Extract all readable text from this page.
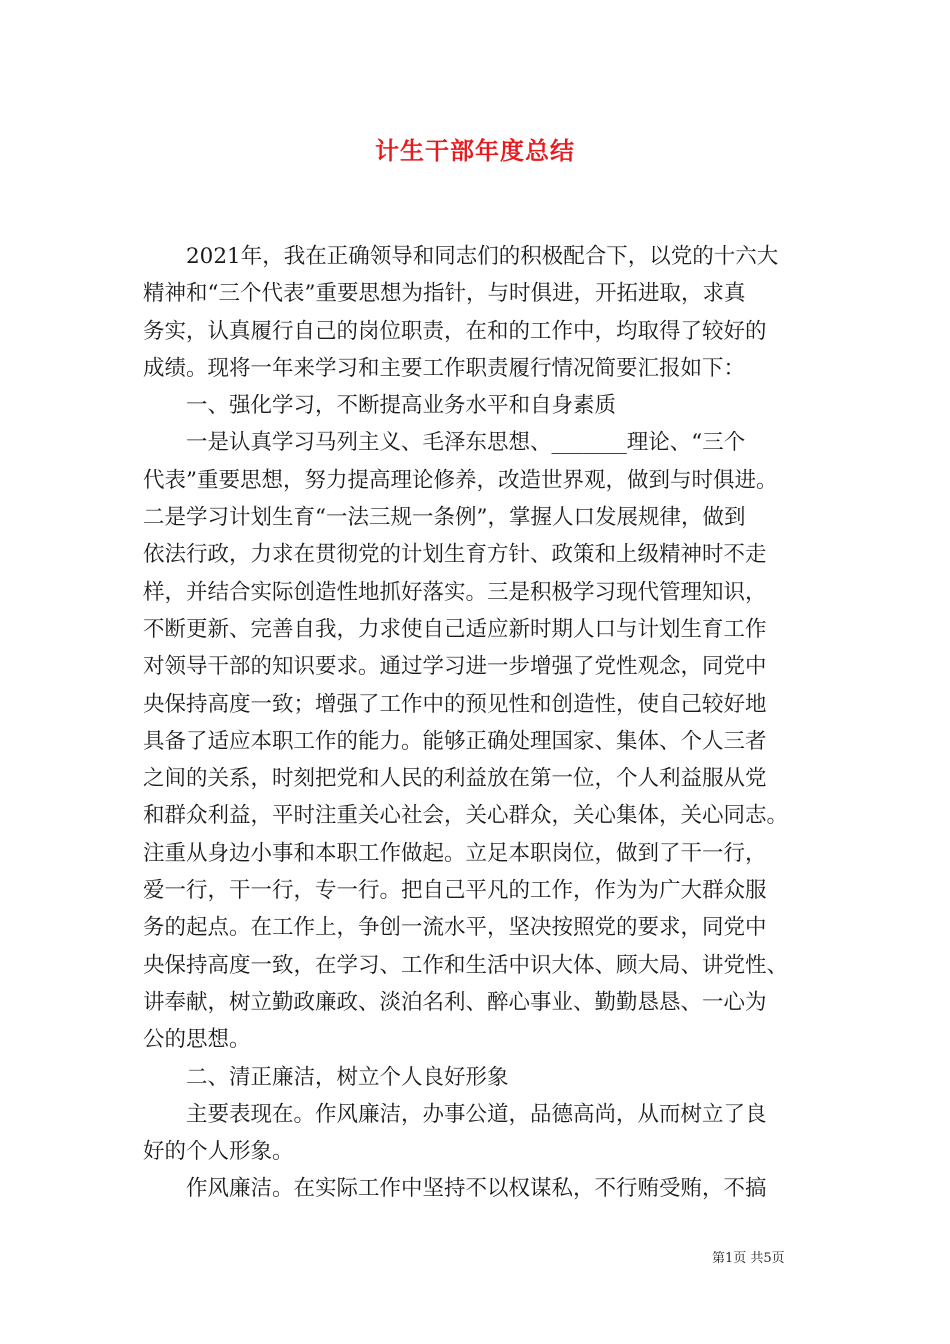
计生干部年度总结
2021年，我在正确领导和同志们的积极配合下，以党的十六大
精神和“三个代表”重要思想为指针，与时俱进，开拓进取，求真
务实，认真履行自己的岗位职责，在和的工作中，均取得了较好的
成绩。现将一年来学习和主要工作职责履行情况简要汇报如下：
一、强化学习，不断提高业务水平和自身素质
一是认真学习马列主义、毛泽东思想、_______理论、“三个
代表”重要思想，努力提高理论修养，改造世界观，做到与时俱进。
二是学习计划生育“一法三规一条例”，掌握人口发展规律，做到
依法行政，力求在贯彻党的计划生育方针、政策和上级精神时不走
样，并结合实际创造性地抓好落实。三是积极学习现代管理知识，
不断更新、完善自我，力求使自己适应新时期人口与计划生育工作
对领导干部的知识要求。通过学习进一步增强了党性观念，同党中
央保持高度一致；增强了工作中的预见性和创造性，使自己较好地
具备了适应本职工作的能力。能够正确处理国家、集体、个人三者
之间的关系，时刻把党和人民的利益放在第一位，个人利益服从党
和群众利益，平时注重关心社会，关心群众，关心集体，关心同志。
注重从身边小事和本职工作做起。立足本职岗位，做到了干一行，
爱一行，干一行，专一行。把自己平凡的工作，作为为广大群众服
务的起点。在工作上，争创一流水平，坚决按照党的要求，同党中
央保持高度一致，在学习、工作和生活中识大体、顾大局、讲党性、
讲奉献，树立勤政廉政、淡泊名利、醉心事业、勤勤恳恳、一心为
公的思想。
二、清正廉洁，树立个人良好形象
主要表现在。作风廉洁，办事公道，品德高尚，从而树立了良
好的个人形象。
作风廉洁。在实际工作中坚持不以权谋私，不行贿受贿，不搞
第1页 共5页
